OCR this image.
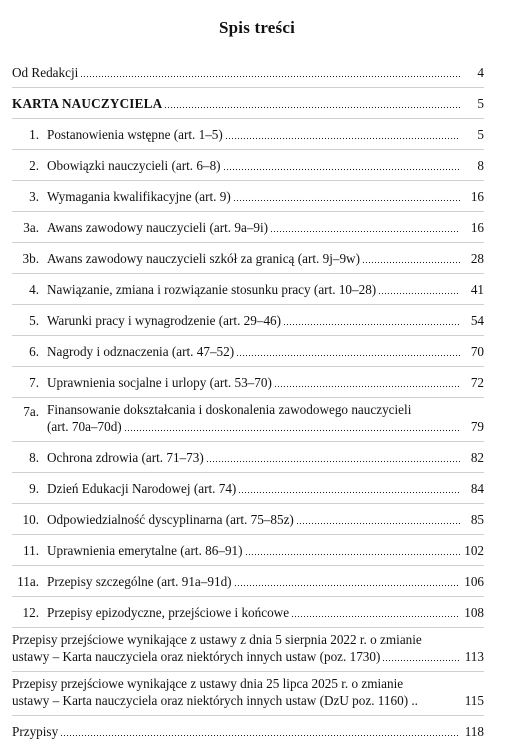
Spis treści
Od Redakcji	4
KARTA NAUCZYCIELA	5
1. Postanowienia wstępne (art. 1–5)	5
2. Obowiązki nauczycieli (art. 6–8)	8
3. Wymagania kwalifikacyjne (art. 9)	16
3a. Awans zawodowy nauczycieli (art. 9a–9i)	16
3b. Awans zawodowy nauczycieli szkół za granicą (art. 9j–9w)	28
4. Nawiązanie, zmiana i rozwiązanie stosunku pracy (art. 10–28)	41
5. Warunki pracy i wynagrodzenie (art. 29–46)	54
6. Nagrody i odznaczenia (art. 47–52)	70
7. Uprawnienia socjalne i urlopy (art. 53–70)	72
7a. Finansowanie dokształcania i doskonalenia zawodowego nauczycieli
(art. 70a–70d)	79
8. Ochrona zdrowia (art. 71–73)	82
9. Dzień Edukacji Narodowej (art. 74)	84
10. Odpowiedzialność dyscyplinarna (art. 75–85z)	85
11. Uprawnienia emerytalne (art. 86–91)	102
11a. Przepisy szczególne (art. 91a–91d)	106
12. Przepisy epizodyczne, przejściowe i końcowe	108
Przepisy przejściowe wynikające z ustawy z dnia 5 sierpnia 2022 r. o zmianie
ustawy – Karta nauczyciela oraz niektórych innych ustaw (poz. 1730)	113
Przepisy przejściowe wynikające z ustawy dnia 25 lipca 2025 r. o zmianie
ustawy – Karta nauczyciela oraz niektórych innych ustaw (DzU poz. 1160) ..	115
Przypisy	118
